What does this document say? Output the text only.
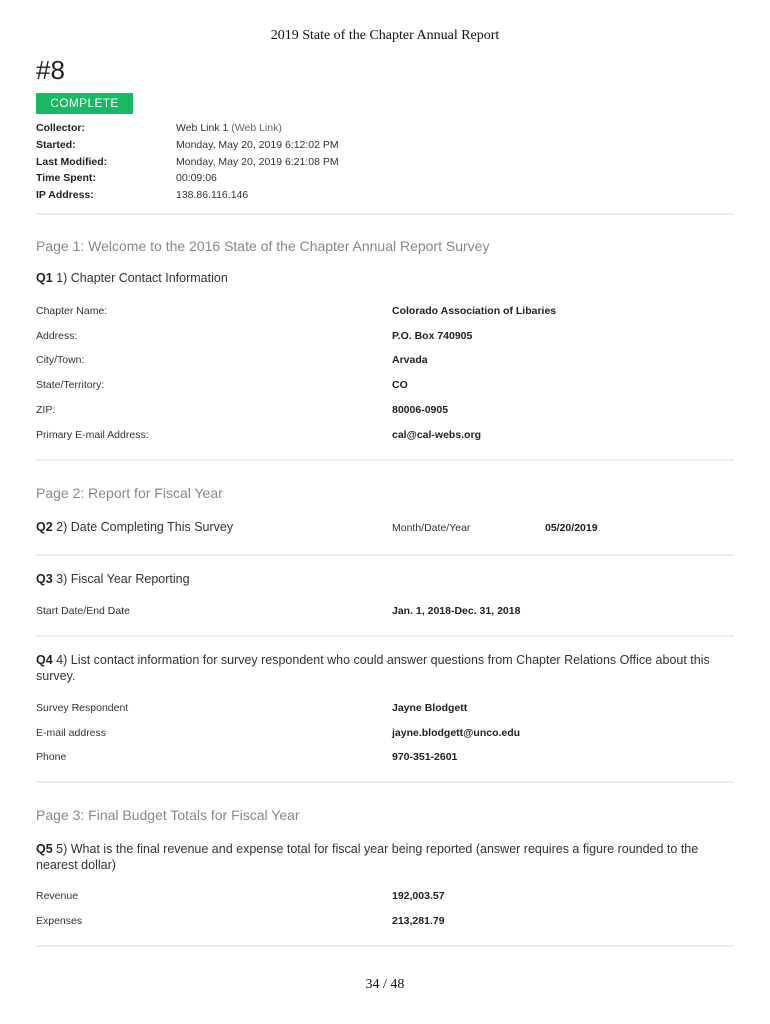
2019 State of the Chapter Annual Report
#8
COMPLETE
Collector:	Web Link 1 (Web Link)
Started:	Monday, May 20, 2019 6:12:02 PM
Last Modified:	Monday, May 20, 2019 6:21:08 PM
Time Spent:	00:09:06
IP Address:	138.86.116.146
Page 1: Welcome to the 2016 State of the Chapter Annual Report Survey
Q1 1) Chapter Contact Information
Chapter Name:	Colorado Association of Libaries
Address:	P.O. Box 740905
City/Town:	Arvada
State/Territory:	CO
ZIP:	80006-0905
Primary E-mail Address:	cal@cal-webs.org
Page 2: Report for Fiscal Year
Q2 2) Date Completing This Survey	Month/Date/Year	05/20/2019
Q3 3) Fiscal Year Reporting
Start Date/End Date	Jan. 1, 2018-Dec. 31, 2018
Q4 4) List contact information for survey respondent who could answer questions from Chapter Relations Office about this survey.
Survey Respondent	Jayne Blodgett
E-mail address	jayne.blodgett@unco.edu
Phone	970-351-2601
Page 3: Final Budget Totals for Fiscal Year
Q5 5) What is the final revenue and expense total for fiscal year being reported (answer requires a figure rounded to the nearest dollar)
Revenue	192,003.57
Expenses	213,281.79
34 / 48
